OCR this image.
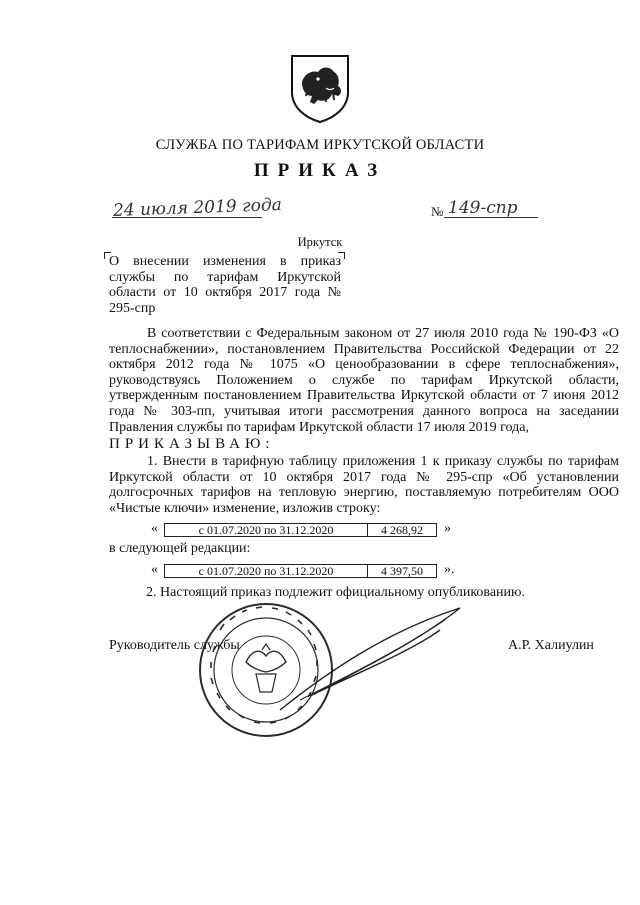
СЛУЖБА ПО ТАРИФАМ ИРКУТСКОЙ ОБЛАСТИ
ПРИКАЗ
24 июля 2019 года	№ 149-спр
Иркутск
О внесении изменения в приказ службы по тарифам Иркутской области от 10 октября 2017 года № 295-спр
В соответствии с Федеральным законом от 27 июля 2010 года № 190-ФЗ «О теплоснабжении», постановлением Правительства Российской Федерации от 22 октября 2012 года № 1075 «О ценообразовании в сфере теплоснабжения», руководствуясь Положением о службе по тарифам Иркутской области, утвержденным постановлением Правительства Иркутской области от 7 июня 2012 года № 303-пп, учитывая итоги рассмотрения данного вопроса на заседании Правления службы по тарифам Иркутской области 17 июля 2019 года,
ПРИКАЗЫВАЮ:
1. Внести в тарифную таблицу приложения 1 к приказу службы по тарифам Иркутской области от 10 октября 2017 года № 295-спр «Об установлении долгосрочных тарифов на тепловую энергию, поставляемую потребителям ООО «Чистые ключи» изменение, изложив строку:
«	с 01.07.2020 по 31.12.2020	4 268,92	»
в следующей редакции:
«	с 01.07.2020 по 31.12.2020	4 397,50	».
2. Настоящий приказ подлежит официальному опубликованию.
Руководитель службы	А.Р. Халиулин
